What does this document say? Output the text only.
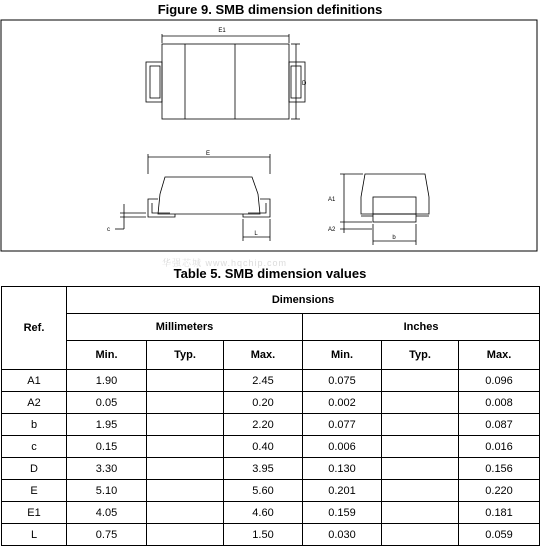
Figure 9. SMB dimension definitions
E1
D
E
c
L
A1
A2
b
华强芯城 www.hqchip.com
Table 5. SMB dimension values
Ref.	Dimensions					
	Millimeters			Inches		
	Min.	Typ.	Max.	Min.	Typ.	Max.
A1	1.90		2.45	0.075		0.096
A2	0.05		0.20	0.002		0.008
b	1.95		2.20	0.077		0.087
c	0.15		0.40	0.006		0.016
D	3.30		3.95	0.130		0.156
E	5.10		5.60	0.201		0.220
E1	4.05		4.60	0.159		0.181
L	0.75		1.50	0.030		0.059
